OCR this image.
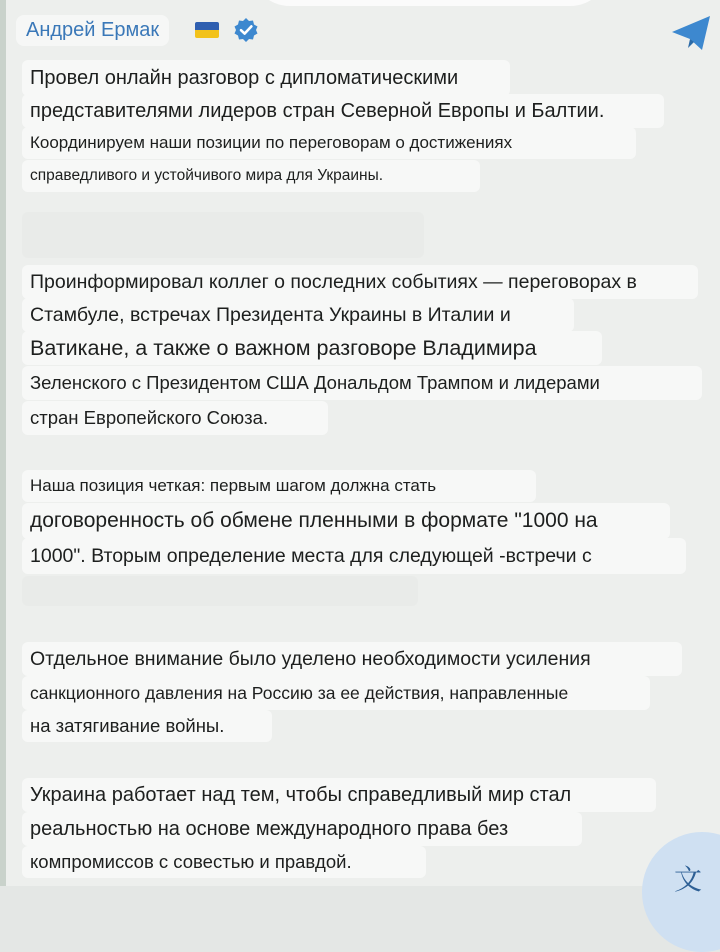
Андрей Ермак
Провел онлайн разговор с дипломатическими
представителями лидеров стран Северной Европы и Балтии.
Координируем наши позиции по переговорам о достижениях
справедливого и устойчивого мира для Украины.
Проинформировал коллег о последних событиях — переговорах в
Стамбуле, встречах Президента Украины в Италии и
Ватикане, а также о важном разговоре Владимира
Зеленского с Президентом США Дональдом Трампом и лидерами
стран Европейского Союза.
Наша позиция четкая: первым шагом должна стать
договоренность об обмене пленными в формате "1000 на
1000". Вторым определение места для следующей -встречи с
Отдельное внимание было уделено необходимости усиления
санкционного давления на Россию за ее действия, направленные
на затягивание войны.
Украина работает над тем, чтобы справедливый мир стал
реальностью на основе международного права без
компромиссов с совестью и правдой.
文
